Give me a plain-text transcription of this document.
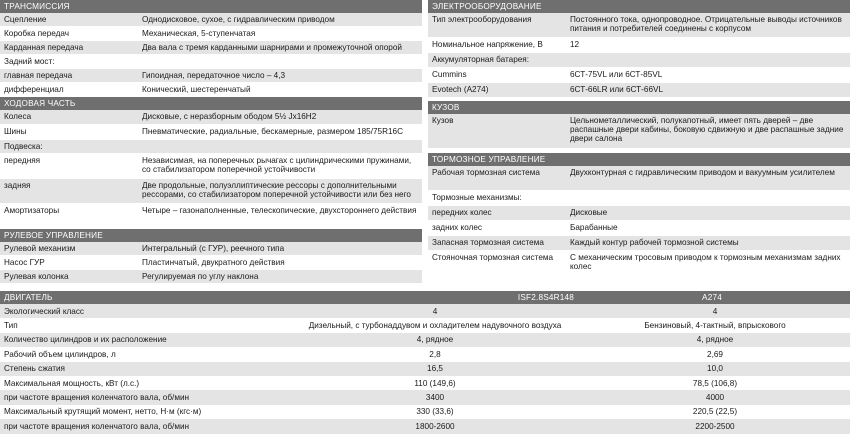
ТРАНСМИССИЯ
Сцепление	Однодисковое, сухое, с гидравлическим приводом
Коробка передач	Механическая, 5-ступенчатая
Карданная передача	Два вала с тремя карданными шарнирами и промежуточной опорой
Задний мост:
главная передача	Гипоидная, передаточное число – 4,3
дифференциал	Конический, шестеренчатый
ХОДОВАЯ ЧАСТЬ
Колеса	Дисковые, с неразборным ободом 5½ Jx16H2
Шины	Пневматические, радиальные, бескамерные, размером 185/75R16C
Подвеска:
передняя	Независимая, на поперечных рычагах с цилиндрическими пружинами, со стабилизатором поперечной устойчивости
задняя	Две продольные, полуэллиптические рессоры с дополнительными рессорами, со стабилизатором поперечной устойчивости или без него
Амортизаторы	Четыре – газонаполненные, телескопические, двухстороннего действия
РУЛЕВОЕ УПРАВЛЕНИЕ
Рулевой механизм	Интегральный (с ГУР), реечного типа
Насос ГУР	Пластинчатый, двукратного действия
Рулевая колонка	Регулируемая по углу наклона
ЭЛЕКТРООБОРУДОВАНИЕ
Тип электрооборудования	Постоянного тока, однопроводное. Отрицательные выводы источников питания и потребителей соединены с корпусом
Номинальное напряжение, В	12
Аккумуляторная батарея:
Cummins	6СТ-75VL или 6СТ-85VL
Evotech (A274)	6СТ-66LR или 6СТ-66VL
КУЗОВ
Кузов	Цельнометаллический, полукапотный, имеет пять дверей – две распашные двери кабины, боковую сдвижную и две распашные задние двери салона
ТОРМОЗНОЕ УПРАВЛЕНИЕ
Рабочая тормозная система	Двухконтурная с гидравлическим приводом и вакуумным усилителем
Тормозные механизмы:
передних колес	Дисковые
задних колес	Барабанные
Запасная тормозная система	Каждый контур рабочей тормозной системы
Стояночная тормозная система	С механическим тросовым приводом к тормозным механизмам задних колес
ДВИГАТЕЛЬ	ISF2.8S4R148	A274
Экологический класс	4	4
Тип	Дизельный, с турбонаддувом и охладителем надувочного воздуха	Бензиновый, 4-тактный, впрыскового
Количество цилиндров и их расположение	4, рядное	4, рядное
Рабочий объем цилиндров, л	2,8	2,69
Степень сжатия	16,5	10,0
Максимальная мощность, кВт (л.с.)	110 (149,6)	78,5 (106,8)
при частоте вращения коленчатого вала, об/мин	3400	4000
Максимальный крутящий момент, нетто, Н·м (кгс·м)	330 (33,6)	220,5 (22,5)
при частоте вращения коленчатого вала, об/мин	1800-2600	2200-2500
